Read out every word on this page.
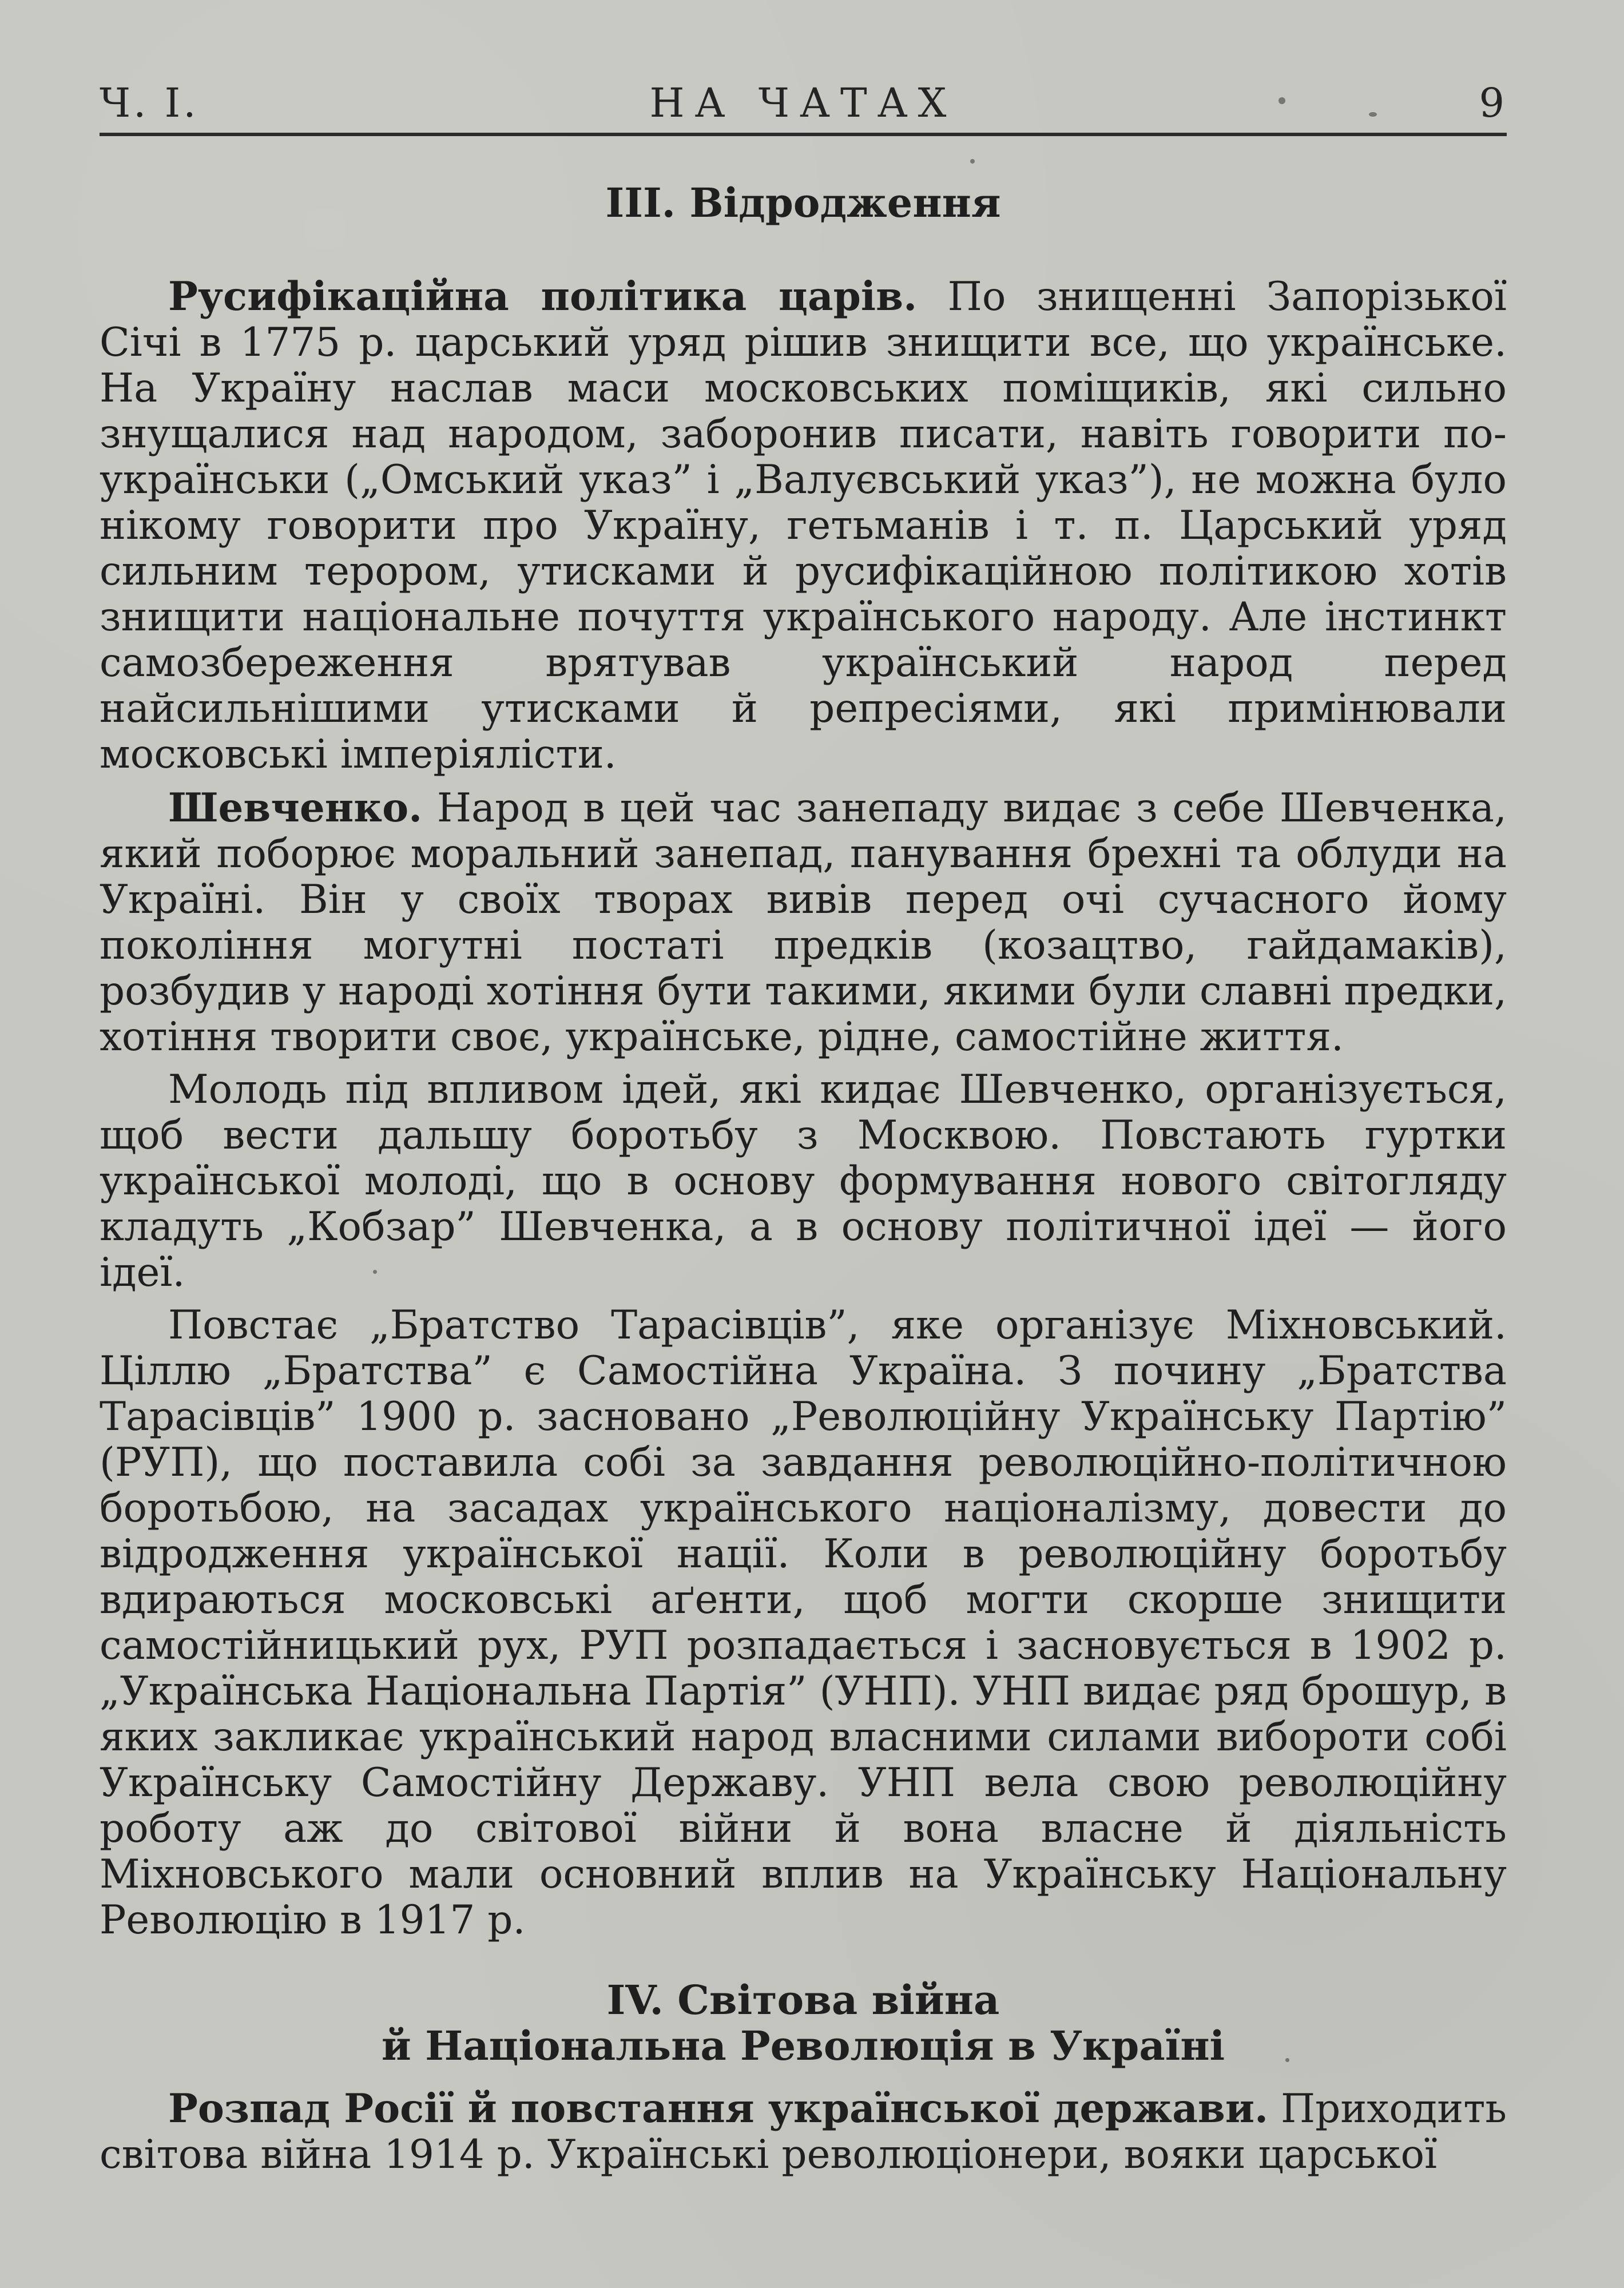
Ч. І.	НА ЧАТАХ	9
III. Відродження

Русифікаційна політика царів. По знищенні Запорізької Січі в 1775 р. царський уряд рішив знищити все, що українське. На Україну наслав маси московських поміщиків, які сильно знущалися над народом, заборонив писати, навіть говорити по-українськи („Омський указ” і „Валуєвський указ”), не можна було нікому говорити про Україну, гетьманів і т. п. Царський уряд сильним терором, утисками й русифікаційною політикою хотів знищити національне почуття українського народу. Але інстинкт самозбереження врятував український народ перед найсильнішими утисками й репресіями, які примінювали московські імперіялісти.

Шевченко. Народ в цей час занепаду видає з себе Шевченка, який поборює моральний занепад, панування брехні та облуди на Україні. Він у своїх творах вивів перед очі сучасного йому покоління могутні постаті предків (козацтво, гайдамаків), розбудив у народі хотіння бути такими, якими були славні предки, хотіння творити своє, українське, рідне, самостійне життя.

Молодь під впливом ідей, які кидає Шевченко, організується, щоб вести дальшу боротьбу з Москвою. Повстають гуртки української молоді, що в основу формування нового світогляду кладуть „Кобзар” Шевченка, а в основу політичної ідеї — його ідеї.

Повстає „Братство Тарасівців”, яке організує Міхновський. Ціллю „Братства” є Самостійна Україна. З почину „Братства Тарасівців” 1900 р. засновано „Революційну Українську Партію” (РУП), що поставила собі за завдання революційно-політичною боротьбою, на засадах українського націоналізму, довести до відродження української нації. Коли в революційну боротьбу вдираються московські аґенти, щоб могти скорше знищити самостійницький рух, РУП розпадається і засновується в 1902 р. „Українська Національна Партія” (УНП). УНП видає ряд брошур, в яких закликає український народ власними силами вибороти собі Українську Самостійну Державу. УНП вела свою революційну роботу аж до світової війни й вона власне й діяльність Міхновського мали основний вплив на Українську Національну Революцію в 1917 р.

IV. Світова війна
й Національна Революція в Україні

Розпад Росії й повстання української держави. Приходить світова війна 1914 р. Українські революціонери, вояки царської
